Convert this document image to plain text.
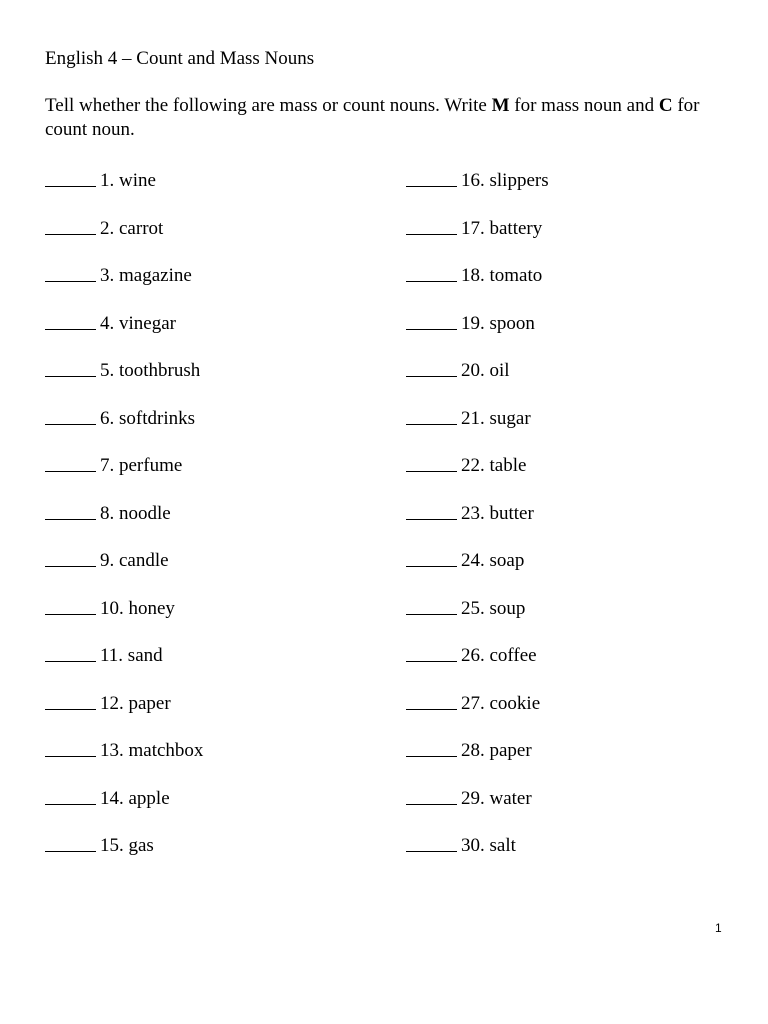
English 4 – Count and Mass Nouns
Tell whether the following are mass or count nouns. Write M for mass noun and C for count noun.
1. wine
2. carrot
3. magazine
4. vinegar
5. toothbrush
6. softdrinks
7. perfume
8. noodle
9. candle
10. honey
11. sand
12. paper
13. matchbox
14. apple
15. gas
16. slippers
17. battery
18. tomato
19. spoon
20. oil
21. sugar
22. table
23. butter
24. soap
25. soup
26. coffee
27. cookie
28. paper
29. water
30. salt
1
